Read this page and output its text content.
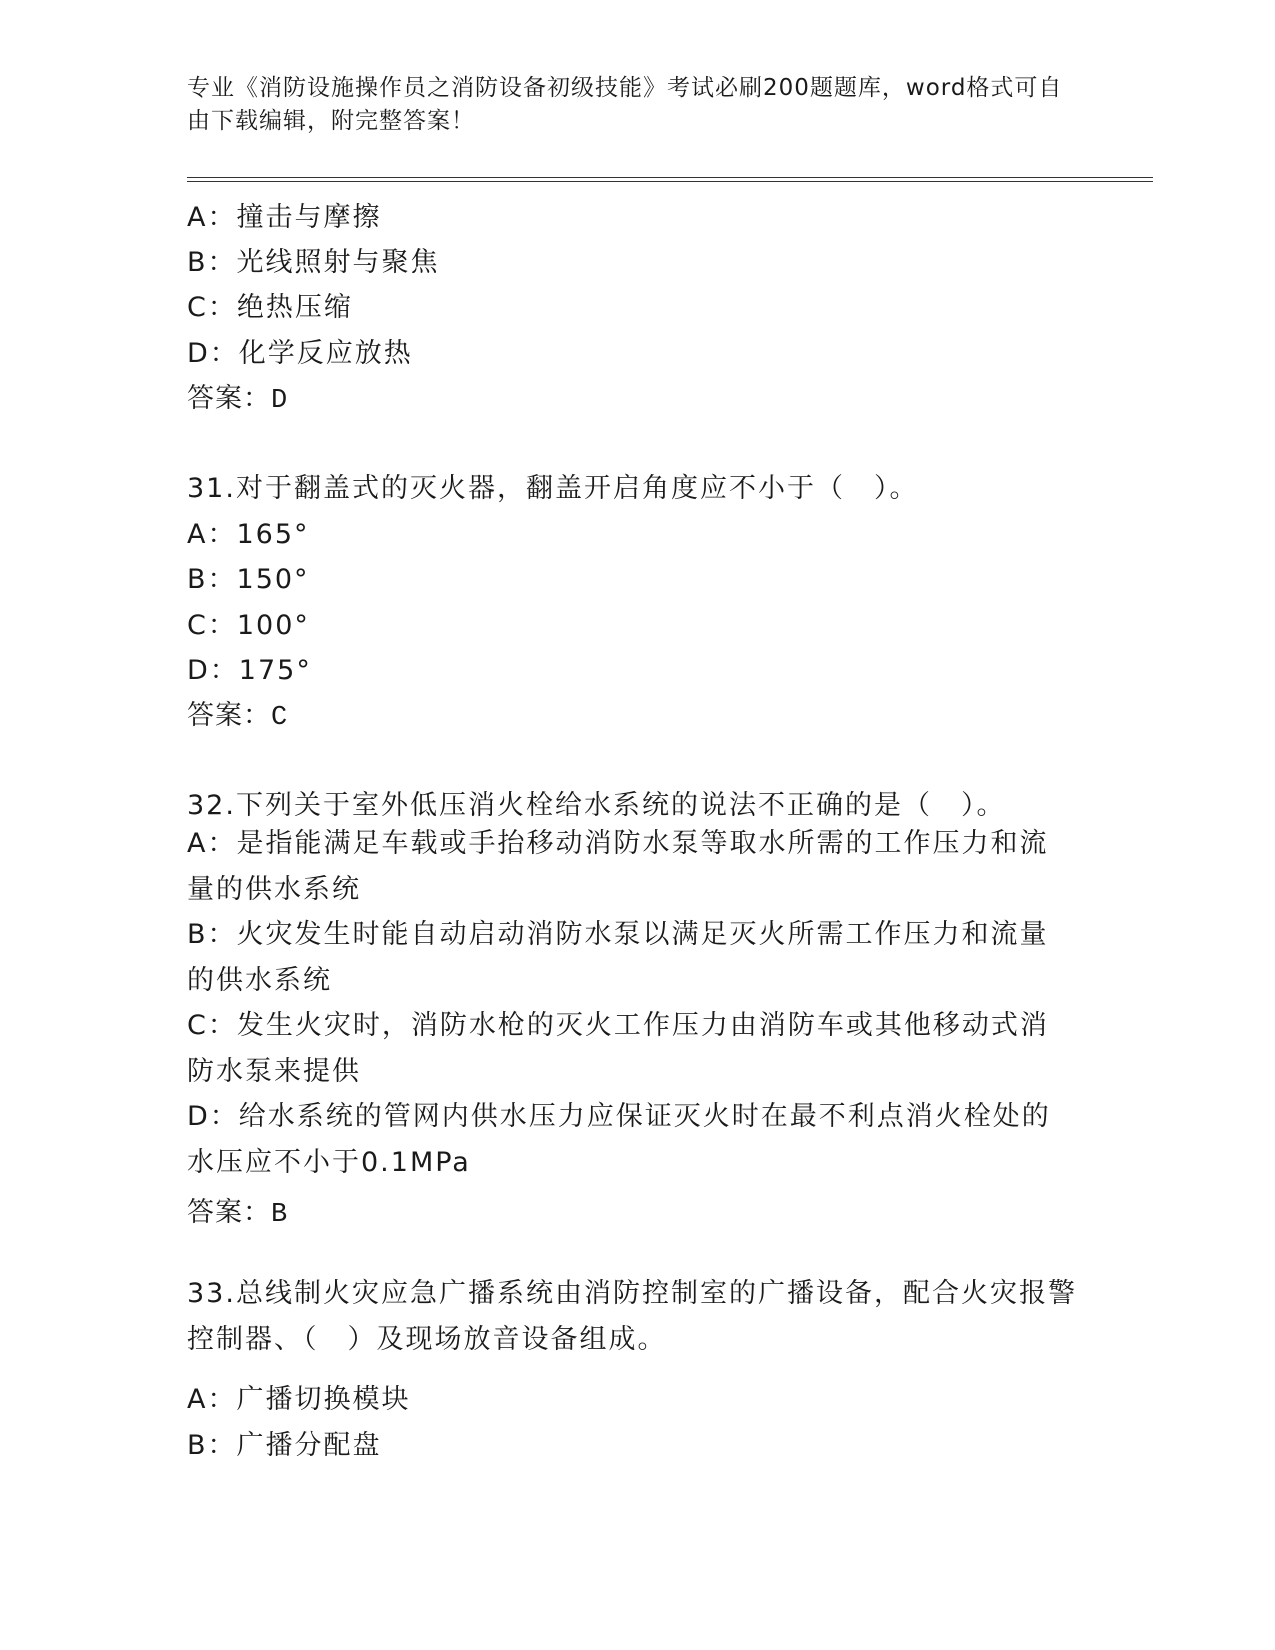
专业《消防设施操作员之消防设备初级技能》考试必刷200题题库，word格式可自由下载编辑，附完整答案！
A：撞击与摩擦
B：光线照射与聚焦
C：绝热压缩
D：化学反应放热
答案：D
31.对于翻盖式的灭火器，翻盖开启角度应不小于（　）。
A：165°
B：150°
C：100°
D：175°
答案：C
32.下列关于室外低压消火栓给水系统的说法不正确的是（　）。
A：是指能满足车载或手抬移动消防水泵等取水所需的工作压力和流量的供水系统
B：火灾发生时能自动启动消防水泵以满足灭火所需工作压力和流量的供水系统
C：发生火灾时，消防水枪的灭火工作压力由消防车或其他移动式消防水泵来提供
D：给水系统的管网内供水压力应保证灭火时在最不利点消火栓处的水压应不小于0.1MPa
答案：B
33.总线制火灾应急广播系统由消防控制室的广播设备，配合火灾报警控制器、（　）及现场放音设备组成。
A：广播切换模块
B：广播分配盘
